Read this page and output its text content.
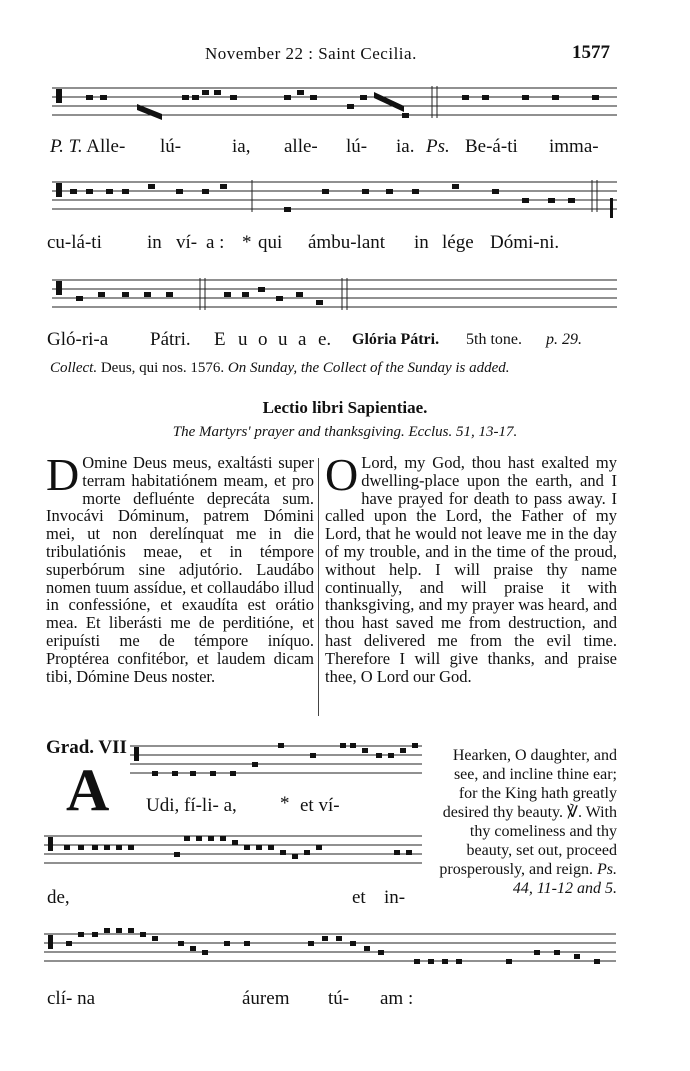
November 22 : Saint Cecilia.	1577
P. T. Alle- lú-	ia, alle- lú- ia. Ps. Be-á-ti imma-
cu-lá-ti in ví- a : * qui ámbu-lant in lége Dómi-ni.
Gló-ri-a Pátri. E u o u a e. Glória Pátri. 5th tone. p. 29.
Collect. Deus, qui nos. 1576. On Sunday, the Collect of the Sunday is added.
Lectio libri Sapientiae.
The Martyrs' prayer and thanksgiving. Ecclus. 51, 13-17.

D Omine Deus meus, exaltásti super terram habitatiónem meam, et pro morte defluénte deprecáta sum. Invocávi Dóminum, patrem Dómini mei, ut non derelínquat me in die tribulatiónis meae, et in témpore superbórum sine adjutório. Laudábo nomen tuum assídue, et collaudábo illud in confessióne, et exaudíta est orátio mea. Et liberásti me de perditióne, et eripuísti me de témpore iníquo. Proptérea confitébor, et laudem dicam tibi, Dómine Deus noster.

O Lord, my God, thou hast exalted my dwelling-place upon the earth, and I have prayed for death to pass away. I called upon the Lord, the Father of my Lord, that he would not leave me in the day of my trouble, and in the time of the proud, without help. I will praise thy name continually, and will praise it with thanksgiving, and my prayer was heard, and thou hast saved me from destruction, and hast delivered me from the evil time. Therefore I will give thanks, and praise thee, O Lord our God.

Grad. VII
A Udi, fí-li- a, * et ví-
de,	et in-
Hearken, O daughter, and see, and incline thine ear; for the King hath greatly desired thy beauty. ℣. With thy comeliness and thy beauty, set out, proceed prosperously, and reign. Ps. 44, 11-12 and 5.
clí- na	áurem tú- am :
